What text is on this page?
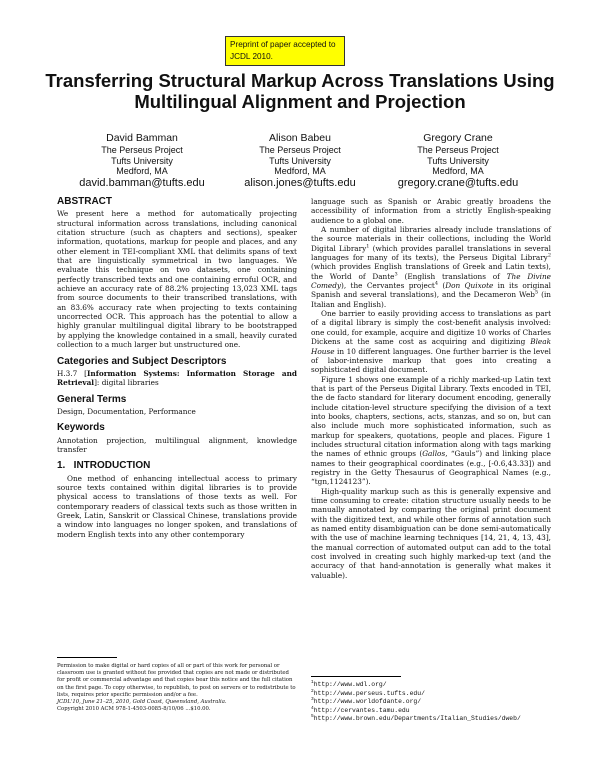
Preprint of paper accepted to JCDL 2010.
Transferring Structural Markup Across Translations Using Multilingual Alignment and Projection
David Bamman
The Perseus Project
Tufts University
Medford, MA
david.bamman@tufts.edu
Alison Babeu
The Perseus Project
Tufts University
Medford, MA
alison.jones@tufts.edu
Gregory Crane
The Perseus Project
Tufts University
Medford, MA
gregory.crane@tufts.edu
ABSTRACT

We present here a method for automatically projecting structural information across translations, including canonical citation structure (such as chapters and sections), speaker information, quotations, markup for people and places, and any other element in TEI-compliant XML that delimits spans of text that are linguistically symmetrical in two languages. We evaluate this technique on two datasets, one containing perfectly transcribed texts and one containing erroful OCR, and achieve an accuracy rate of 88.2% projecting 13,023 XML tags from source documents to their transcribed translations, with an 83.6% accuracy rate when projecting to texts containing uncorrected OCR. This approach has the potential to allow a highly granular multilingual digital library to be bootstrapped by applying the knowledge contained in a small, heavily curated collection to a much larger but unstructured one.

Categories and Subject Descriptors

H.3.7 [Information Systems: Information Storage and Retrieval]: digital libraries

General Terms

Design, Documentation, Performance

Keywords

Annotation projection, multilingual alignment, knowledge transfer

1.   INTRODUCTION

One method of enhancing intellectual access to primary source texts contained within digital libraries is to provide physical access to translations of those texts as well. For contemporary readers of classical texts such as those written in Greek, Latin, Sanskrit or Classical Chinese, translations provide a window into languages no longer spoken, and translations of modern English texts into any other contemporary

Permission to make digital or hard copies of all or part of this work for personal or classroom use is granted without fee provided that copies are not made or distributed for profit or commercial advantage and that copies bear this notice and the full citation on the first page. To copy otherwise, to republish, to post on servers or to redistribute to lists, requires prior specific permission and/or a fee.
JCDL'10, June 21–25, 2010, Gold Coast, Queensland, Australia.
Copyright 2010 ACM 978-1-4503-0085-8/10/06 ...$10.00.

language such as Spanish or Arabic greatly broadens the accessibility of information from a strictly English-speaking audience to a global one.

A number of digital libraries already include translations of the source materials in their collections, including the World Digital Library$^1$ (which provides parallel translations in several languages for many of its texts), the Perseus Digital Library$^2$ (which provides English translations of Greek and Latin texts), the World of Dante$^3$ (English translations of The Divine Comedy), the Cervantes project$^4$ (Don Quixote in its original Spanish and several translations), and the Decameron Web$^5$ (in Italian and English).

One barrier to easily providing access to translations as part of a digital library is simply the cost-benefit analysis involved: one could, for example, acquire and digitize 10 works of Charles Dickens at the same cost as acquiring and digitizing Bleak House in 10 different languages. One further barrier is the level of labor-intensive markup that goes into creating a sophisticated digital document.

Figure 1 shows one example of a richly marked-up Latin text that is part of the Perseus Digital Library. Texts encoded in TEI, the de facto standard for literary document encoding, generally include citation-level structure specifying the division of a text into books, chapters, sections, acts, stanzas, and so on, but can also include much more sophisticated information, such as markup for speakers, quotations, people and places. Figure 1 includes structural citation information along with tags marking the names of ethnic groups (Gallos, “Gauls”) and linking place names to their geographical coordinates (e.g., [-0.6,43.33]) and registry in the Getty Thesaurus of Geographical Names (e.g., “tgn,1124123”).

High-quality markup such as this is generally expensive and time consuming to create: citation structure usually needs to be manually annotated by comparing the original print document with the digitized text, and while other forms of annotation such as named entity disambiguation can be done semi-automatically with the use of machine learning techniques [14, 21, 4, 13, 43], the manual correction of automated output can add to the total cost involved in creating such highly marked-up text (and the accuracy of that hand-annotation is generally what makes it valuable).

$^1$http://www.wdl.org/
$^2$http://www.perseus.tufts.edu/
$^3$http://www.worldofdante.org/
$^4$http://cervantes.tamu.edu
$^5$http://www.brown.edu/Departments/Italian_Studies/dweb/
